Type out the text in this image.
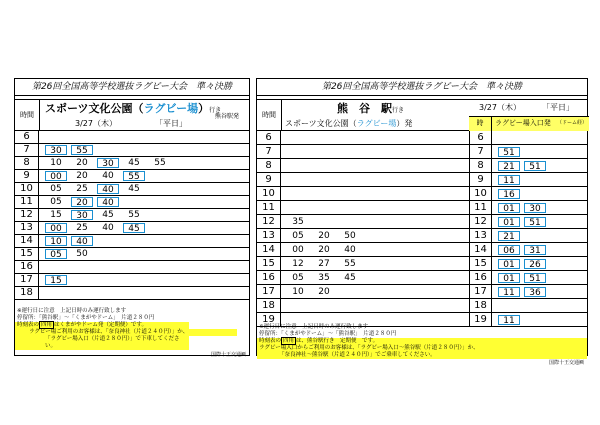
第26回全国高等学校選抜ラグビー大会　準々決勝
時間	スポーツ文化公園（ラグビー場）行き
3/27（木）	「平日」
熊谷駅発
6
7	30	55
8	10	20	30	45	55
9	00	20	40	55
10	05	25	40	45
11	05	20	40
12	15	30	45	55
13	00	25	40	45
14	10	40
15	05	50
16
17	15
18
※運行日に注意　上記日時のみ運行致します
停留所：「熊谷駅」～「くまがやドーム」　片道２８０円
時刻表の 四角 はくまがやドーム発（定期便）です。
ラグビー場ご利用のお客様は、「奈良神社（片道２４０円）」か、
「ラグビー場入口（片道２８０円）」で下車してください。
国際十王交通㈱
第26回全国高等学校選抜ラグビー大会　準々決勝
時間	熊　谷　駅行き	3/27（木）	「平日」
スポーツ文化公園（ラグビー場）発	時	ラグビー場入口発 （ドーム経）
6	6
7	7	51
8	8	21	51
9	9	11
10	10	16
11	11	01	30
12	35	12	01	51
13	05	20	50	13	21
14	00	20	40	14	06	31
15	12	27	55	15	01	26
16	05	35	45	16	01	51
17	10	20	17	11	36
18	18
19	19	11
※運行日に注意　上記日時のみ運行致します
停留所：「くまがやドーム」～「熊谷駅」　片道２８０円
時刻表の 四角 は、熊谷駅行き　定期便　です。
ラグビー場入口からご利用のお客様は、「ラグビー場入口～熊谷駅（片道２８０円）」か、
「奈良神社～熊谷駅（片道２４０円）」でご乗車してください。
国際十王交通㈱
